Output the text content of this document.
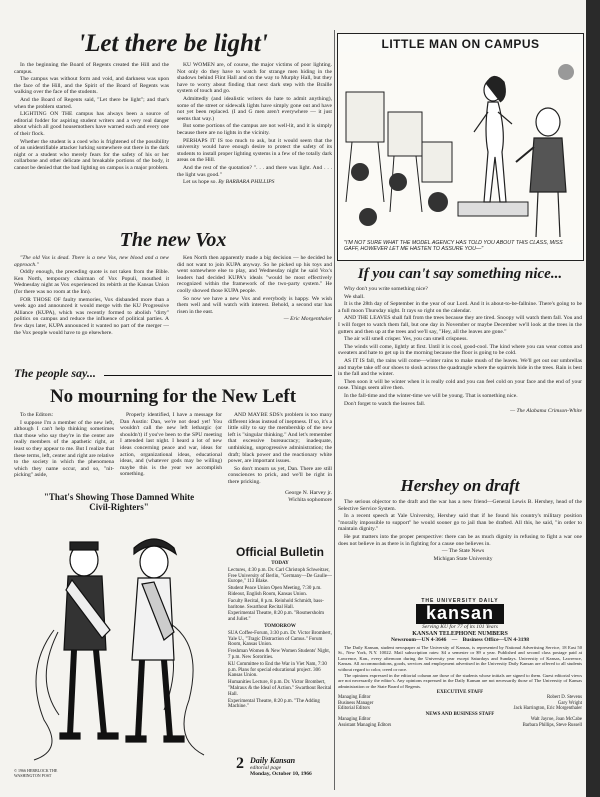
'Let there be light'

In the beginning the Board of Regents created the Hill and the campus.

The campus was without form and void, and darkness was upon the face of the Hill, and the Spirit of the Board of Regents was walking over the face of the students.

And the Board of Regents said, "Let there be light"; and that's when the problem started.

LIGHTING ON THE campus has always been a source of editorial fodder for aspiring student writers and a very real danger about which all good housemothers have warned each and every one of their flock.

Whether the student is a coed who is frightened of the possibility of an unidentifiable attacker lurking somewhere out there in the dark night or a student who merely fears for the safety of his or her collarbone and other delicate and breakable portions of the body, it cannot be denied that the bad lighting on campus is a major problem.

KU WOMEN are, of course, the major victims of poor lighting. Not only do they have to watch for strange men hiding in the shadows behind Flint Hall and on the way to Murphy Hall, but they have to worry about finding that next dark step with the Braille system of touch and go.

Admittedly (and idealistic writers do hate to admit anything), some of the street or sidewalk lights have simply gone out and have not yet been replaced. (I and G men aren't everywhere — it just seems that way.)

But some portions of the campus are not well-lit, and it is simply because there are no lights in the vicinity.

PERHAPS IT IS too much to ask, but it would seem that the university would have enough desire to protect the safety of its students to install proper lighting systems in a few of the totally dark areas on the Hill.

And the rest of the quotation? ". . . and there was light. And . . . the light was good."

Let us hope so. By BARBARA PHILLIPS

LITTLE MAN ON CAMPUS
"I'M NOT SURE WHAT THE MODEL AGENCY HAS TOLD YOU ABOUT THIS CLASS, MISS GAFF, HOWEVER LET ME HASTEN TO ASSURE YOU—"
The new Vox

"The old Vox is dead. There is a new Vox, new blood and a new approach."

Oddly enough, the preceding quote is not taken from the Bible. Ken North, temporary chairman of Vox Populi, mouthed it Wednesday night as Vox experienced its rebirth at the Kansas Union (for there was no room at the Inn).

FOR THOSE OF faulty memories, Vox disbanded more than a week ago and announced it would merge with the KU Progressive Alliance (KUPA), which was recently formed to abolish "dirty" politics on campus and reduce the influence of political parties. A few days later, KUPA announced it wanted no part of the merger — the Vox people would have to go elsewhere.

Ken North then apparently made a big decision — he decided he did not want to join KUPA anyway. So he picked up his toys and went somewhere else to play, and Wednesday night he said Vox's leaders had decided KUPA's ideals "would be most effectively recognized within the framework of the two-party system." He coolly showed those KUPA people.

So now we have a new Vox and everybody is happy. We wish them well and will watch with interest. Behold, a second star has risen in the east.

— Eric Morgenthaler

The people say...
No mourning for the New Left

To the Editors:

I suppose I'm a member of the new left, although I can't help thinking sometimes that those who say they're in the center are really members of the apathetic right, at least so they appear to me. But I realize that these terms, left, center and right are relative to the society in which the phenomena which they name occur, and so, "nit-picking" aside,

Properly identified, I have a message for Dan Austin: Dan, we're not dead yet! You wouldn't call the new left lethargic (or shouldn't) if you've been to the SPU meeting I attended last night. I heard a lot of new ideas concerning peace and war, ideas for action, organizational ideas, educational ideas, and (whatever gods may be willing) maybe this is the year we accomplish something.

AND MAYBE SDS's problem is too many different ideas instead of ineptness. If so, it's a little silly to say the membership of the new left is "singular thinking." And let's remember that excessive bureaucracy; inadequate, unthinking, unprogressive administration; the draft; black power and the reactionary white power, are important issues.

So don't mourn us yet, Dan. There are still consciences to prick, and we'll be right in there pricking.

George N. Harvey jr.

Wichita sophomore

"That's Showing Those Damned White Civil-Righters"
© 1966 HERBLOCK THE WASHINGTON POST
Official Bulletin
TODAY
Lectures, 4:30 p.m. Dr. Carl Christoph Schweitzer, Free University of Berlin, "Germany—De Gaulle—Europe," 113 Blake.
Student Peace Union Open Meeting, 7:30 p.m. Rideout, English Room, Kansas Union.
Faculty Recital, 8 p.m. Reinhold Schmidt, bass-baritone. Swarthout Recital Hall.
Experimental Theatre, 8:20 p.m. "Rosmersholm and Juliet."
TOMORROW
SUA Coffee-Forum, 3:30 p.m. Dr. Victor Brombert, Yale U., "Tragic Distraction of Camus." Forum Room, Kansas Union.
Freshman Women & New Women Students' Night, 7 p.m. New Sororities.
KU Committee to End the War in Viet Nam, 7:30 p.m. Plans for special educational project. 306 Kansas Union.
Humanities Lecture, 8 p.m. Dr. Victor Brombert, "Malraux & the Ideal of Action." Swarthout Recital Hall.
Experimental Theatre, 8:20 p.m. "The Adding Machine."
2 Daily Kansan
editorial page
Monday, October 10, 1966
If you can't say something nice...

Why don't you write something nice?

We shall.

It is the 28th day of September in the year of our Lord. And it is about-to-be-fallnine. There's going to be a full moon Thursday night. It rays so right on the calendar.

AND THE LEAVES shall fall from the trees because they are tired. Snoopy will watch them fall. You and I will forget to watch them fall, but one day in November or maybe December we'll look at the trees in the gutters and then up at the trees and we'll say, "Hey, all the leaves are gone."

The air will smell crisper. Yes, you can smell crispness.

The winds will come, lightly at first. Until it is cool, good-cool. The kind where you can wear cotton and sweaters and hate to get up in the morning because the floor is going to be cold.

AS IT IS fall, the rains will come—winter rains to make mush of the leaves. We'll get out our umbrellas and maybe take off our shoes to slosh across the quadrangle where the squirrels hide in the trees. Rain is best in the fall and the winter.

Then soon it will be winter when it is really cold and you can feel cold on your face and the end of your nose. Things seem alive then.

In the fall-time and the winter-time we will be young. That is something nice.

Don't forget to watch the leaves fall.

— The Alabama Crimson-White

Hershey on draft

The serious objector to the draft and the war has a new friend—General Lewis B. Hershey, head of the Selective Service System.

In a recent speech at Yale University, Hershey said that if he found his country's military position "morally impossible to support" he would sooner go to jail than be drafted. All this, he said, "in order to maintain dignity."

He put matters into the proper perspective: there can be as much dignity in refusing to fight a war one does not believe in as there is in fighting for a cause one believes in.

— The State News

Michigan State University

THE UNIVERSITY DAILY
kansan
Serving KU for 77 of its 101 Years
KANSAN TELEPHONE NUMBERS
Newsroom—UN 4-3646 — Business Office—UN 4-3198

The Daily Kansan, student newspaper at The University of Kansas, is represented by National Advertising Service, 18 East 50 St., New York, N.Y. 10022. Mail subscription rates: $4 a semester or $9 a year. Published and second class postage paid at Lawrence, Kan., every afternoon during the University year except Saturdays and Sundays. University of Kansas, Lawrence, Kansas. All accommodations, goods, services and employment advertised in the University Daily Kansan are offered to all students without regard to color, creed or race.

The opinions expressed in the editorial column are those of the students whose initials are signed to them. Guest editorial views are not necessarily the editor's. Any opinions expressed in the Daily Kansan are not necessarily those of The University of Kansas administration or the State Board of Regents.

EXECUTIVE STAFF
Managing Editor	Robert D. Stevens
Business Manager	Gary Wright
Editorial Editors	Jack Harrington, Eric Morgenthaler
NEWS AND BUSINESS STAFF
Managing Editor	Walt Jayroe, Joan McCabe
Assistant Managing Editors	Barbara Phillips, Steve Russell
